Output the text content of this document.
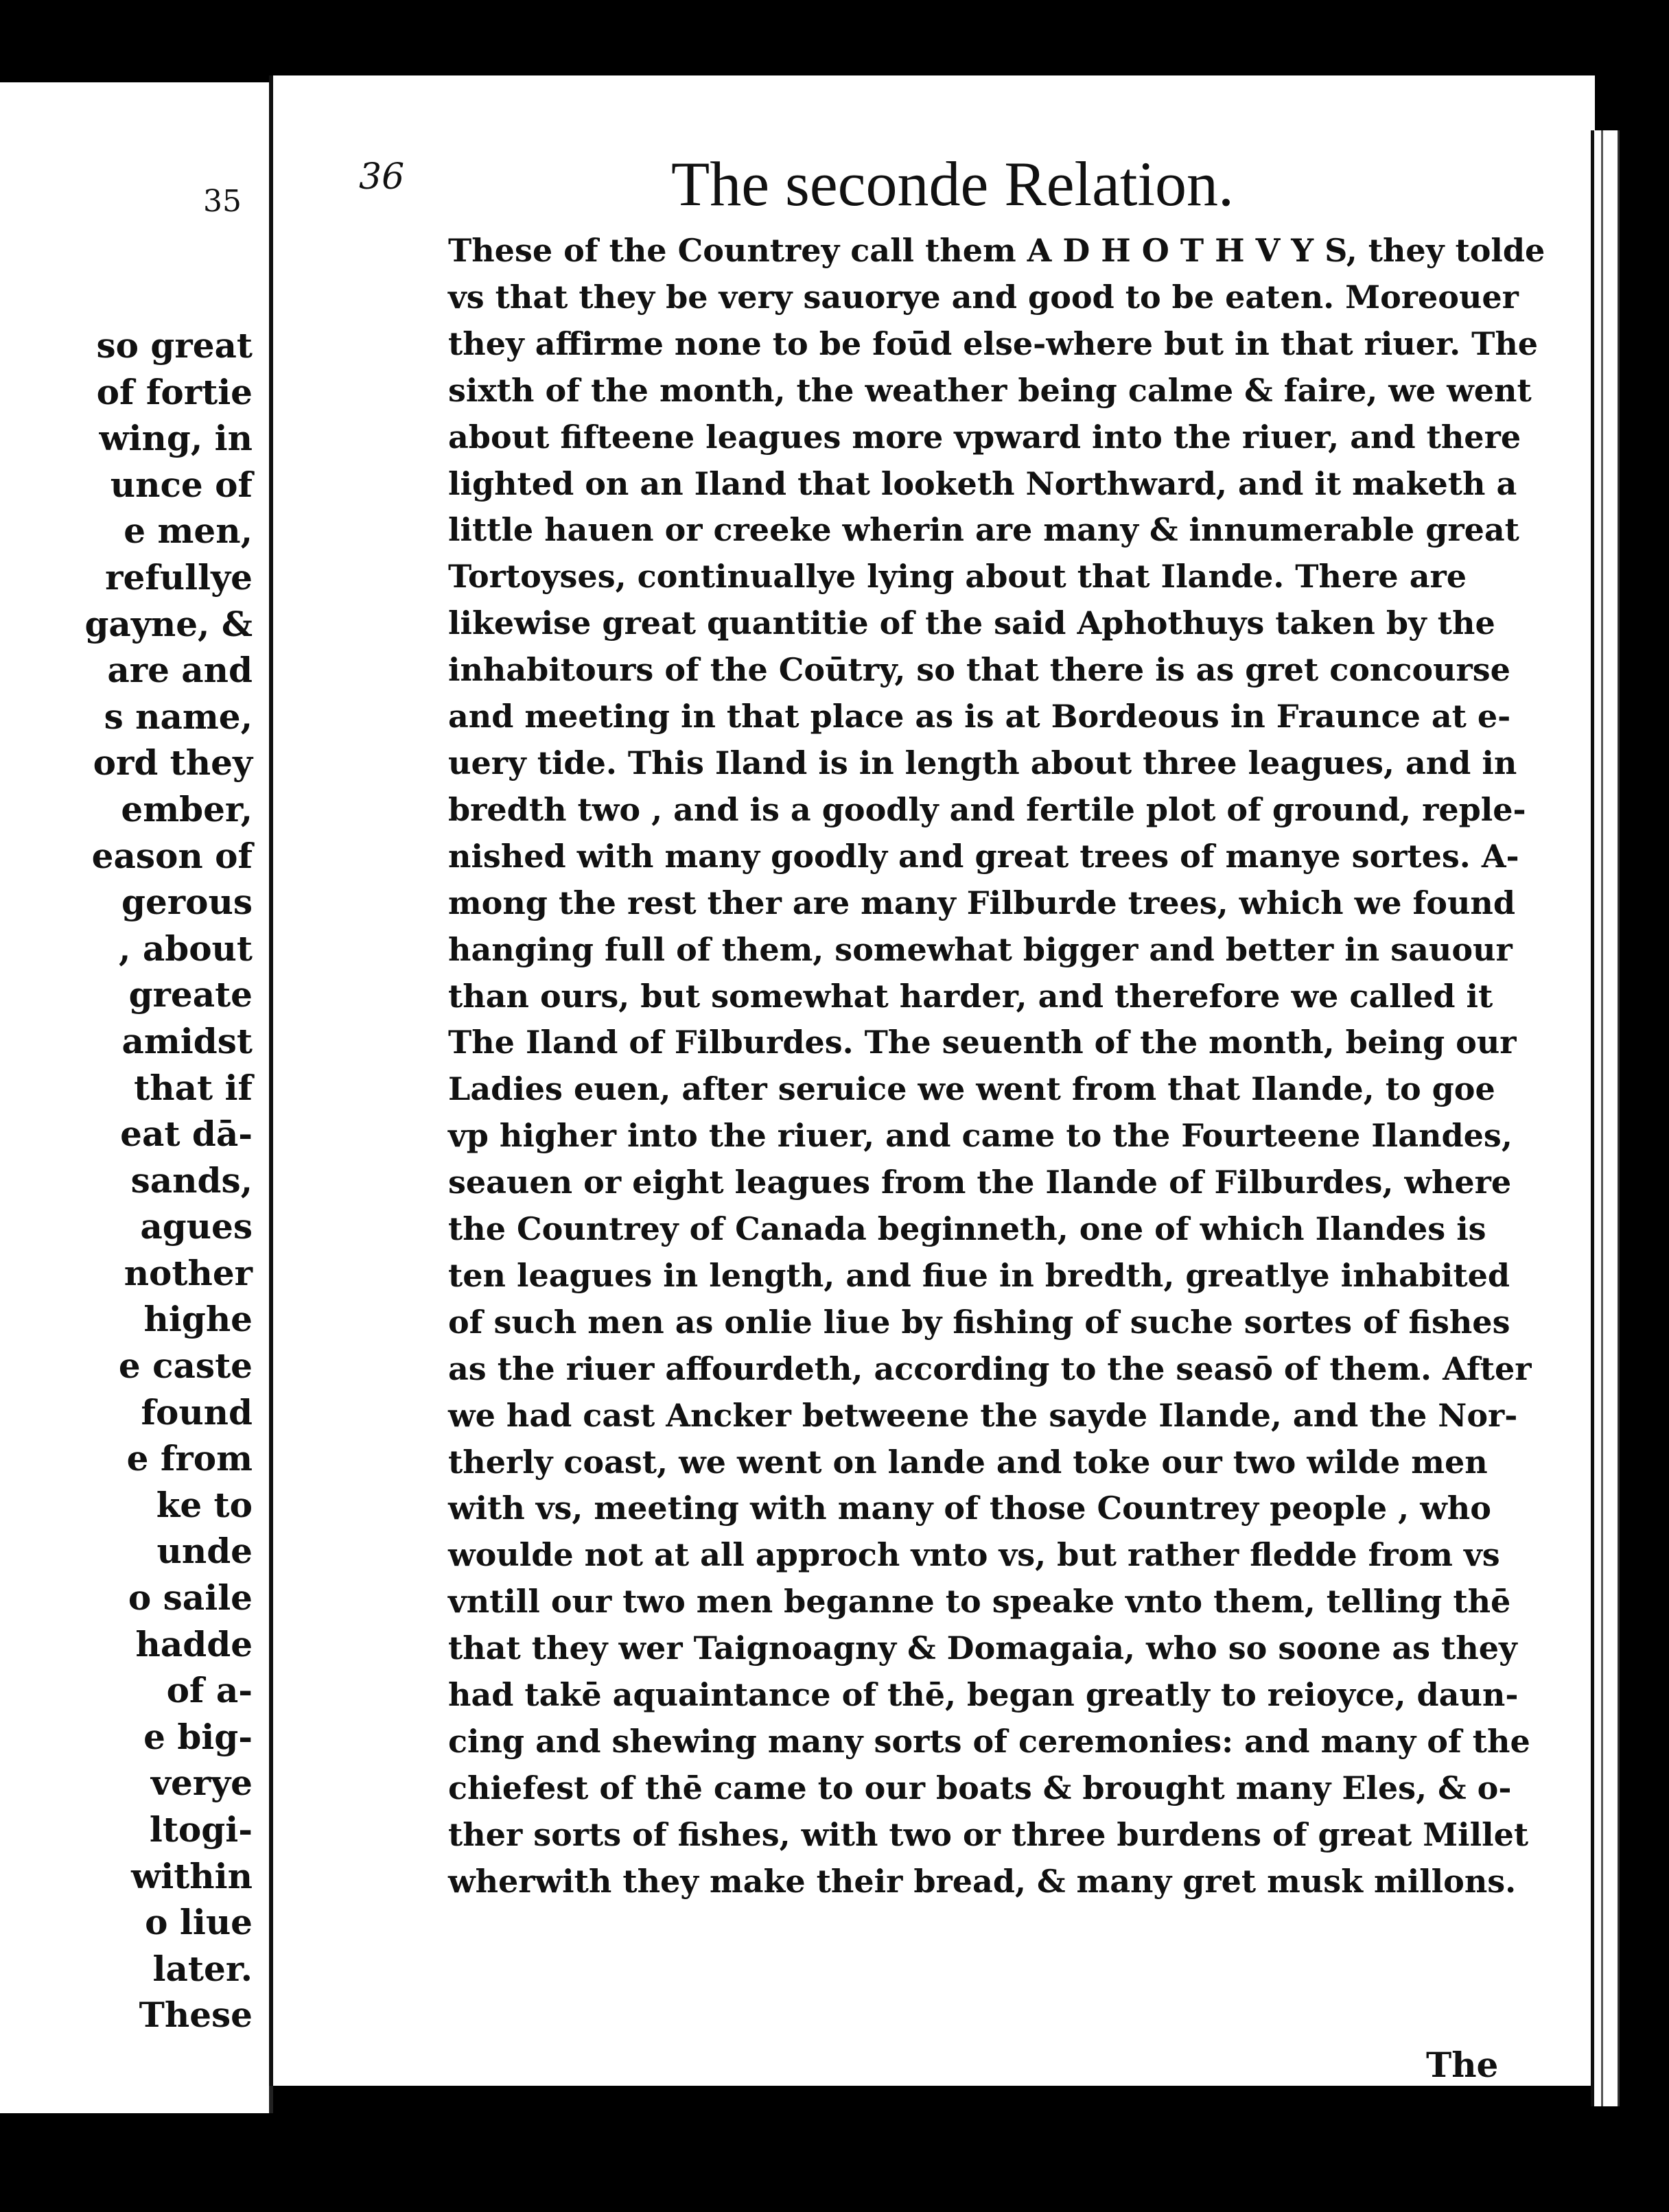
35
so great
of fortie
wing, in
unce of
e men,
refullye
gayne, &
are and
s name,
ord they
ember,
eason of
gerous
, about
greate
amidst
that if
eat dā-
sands,
agues
nother
highe
e caste
found
e from
ke to
unde
o saile
hadde
of a-
e big-
verye
ltogi-
within
o liue
later.
These
36	The seconde Relation.
These of the Countrey call them A D H O T H V Y S, they tolde
vs that they be very sauorye and good to be eaten. Moreouer
they affirme none to be foūd else-where but in that riuer. The
sixth of the month, the weather being calme & faire, we went
about fifteene leagues more vpward into the riuer, and there
lighted on an Iland that looketh Northward, and it maketh a
little hauen or creeke wherin are many & innumerable great
Tortoyses, continuallye lying about that Ilande. There are
likewise great quantitie of the said Aphothuys taken by the
inhabitours of the Coūtry, so that there is as gret concourse
and meeting in that place as is at Bordeous in Fraunce at e-
uery tide. This Iland is in length about three leagues, and in
bredth two , and is a goodly and fertile plot of ground, reple-
nished with many goodly and great trees of manye sortes. A-
mong the rest ther are many Filburde trees, which we found
hanging full of them, somewhat bigger and better in sauour
than ours, but somewhat harder, and therefore we called it
The Iland of Filburdes. The seuenth of the month, being our
Ladies euen, after seruice we went from that Ilande, to goe
vp higher into the riuer, and came to the Fourteene Ilandes,
seauen or eight leagues from the Ilande of Filburdes, where
the Countrey of Canada beginneth, one of which Ilandes is
ten leagues in length, and fiue in bredth, greatlye inhabited
of such men as onlie liue by fishing of suche sortes of fishes
as the riuer affourdeth, according to the seasō of them. After
we had cast Ancker betweene the sayde Ilande, and the Nor-
therly coast, we went on lande and toke our two wilde men
with vs, meeting with many of those Countrey people , who
woulde not at all approch vnto vs, but rather fledde from vs
vntill our two men beganne to speake vnto them, telling thē
that they wer Taignoagny & Domagaia, who so soone as they
had takē aquaintance of thē, began greatly to reioyce, daun-
cing and shewing many sorts of ceremonies: and many of the
chiefest of thē came to our boats & brought many Eles, & o-
ther sorts of fishes, with two or three burdens of great Millet
wherwith they make their bread, & many gret musk millons.
The
